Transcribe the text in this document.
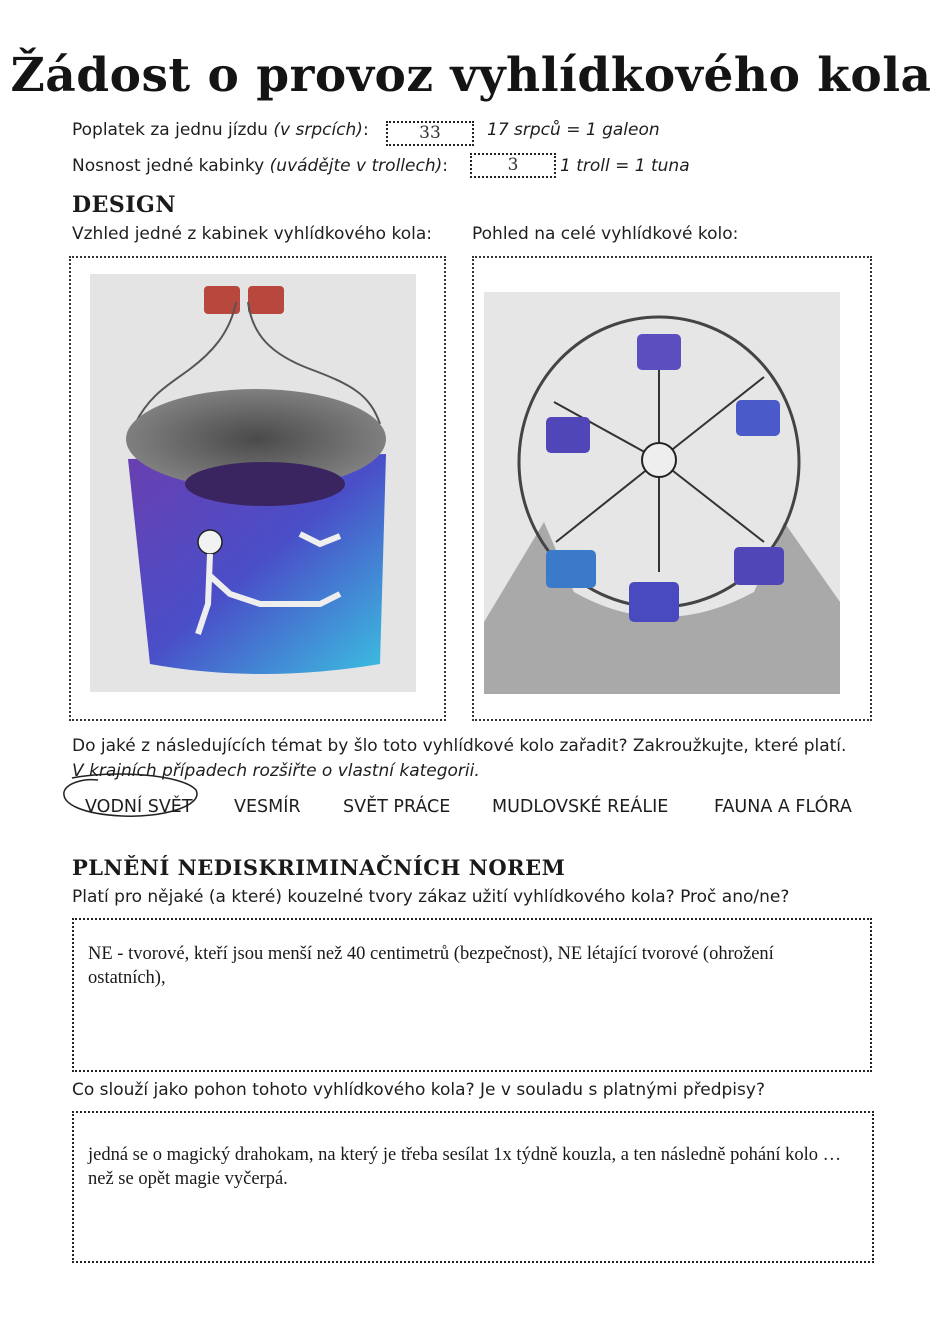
Žádost o provoz vyhlídkového kola
Poplatek za jednu jízdu (v srpcích):	33	17 srpců = 1 galeon
Nosnost jedné kabinky (uvádějte v trollech):	3	1 troll = 1 tuna
DESIGN
Vzhled jedné z kabinek vyhlídkového kola: Pohled na celé vyhlídkové kolo:
Do jaké z následujících témat by šlo toto vyhlídkové kolo zařadit? Zakroužkujte, které platí.
V krajních případech rozšiřte o vlastní kategorii.
VODNÍ SVĚT VESMÍR SVĚT PRÁCE MUDLOVSKÉ REÁLIE	FAUNA A FLÓRA
PLNĚNÍ NEDISKRIMINAČNÍCH NOREM
Platí pro nějaké (a které) kouzelné tvory zákaz užití vyhlídkového kola? Proč ano/ne?
NE - tvorové, kteří jsou menší než 40 centimetrů (bezpečnost), NE létající tvorové (ohrožení ostatních),
Co slouží jako pohon tohoto vyhlídkového kola? Je v souladu s platnými předpisy?
jedná se o magický drahokam, na který je třeba sesílat 1x týdně kouzla, a ten následně pohání kolo … než se opět magie vyčerpá.
